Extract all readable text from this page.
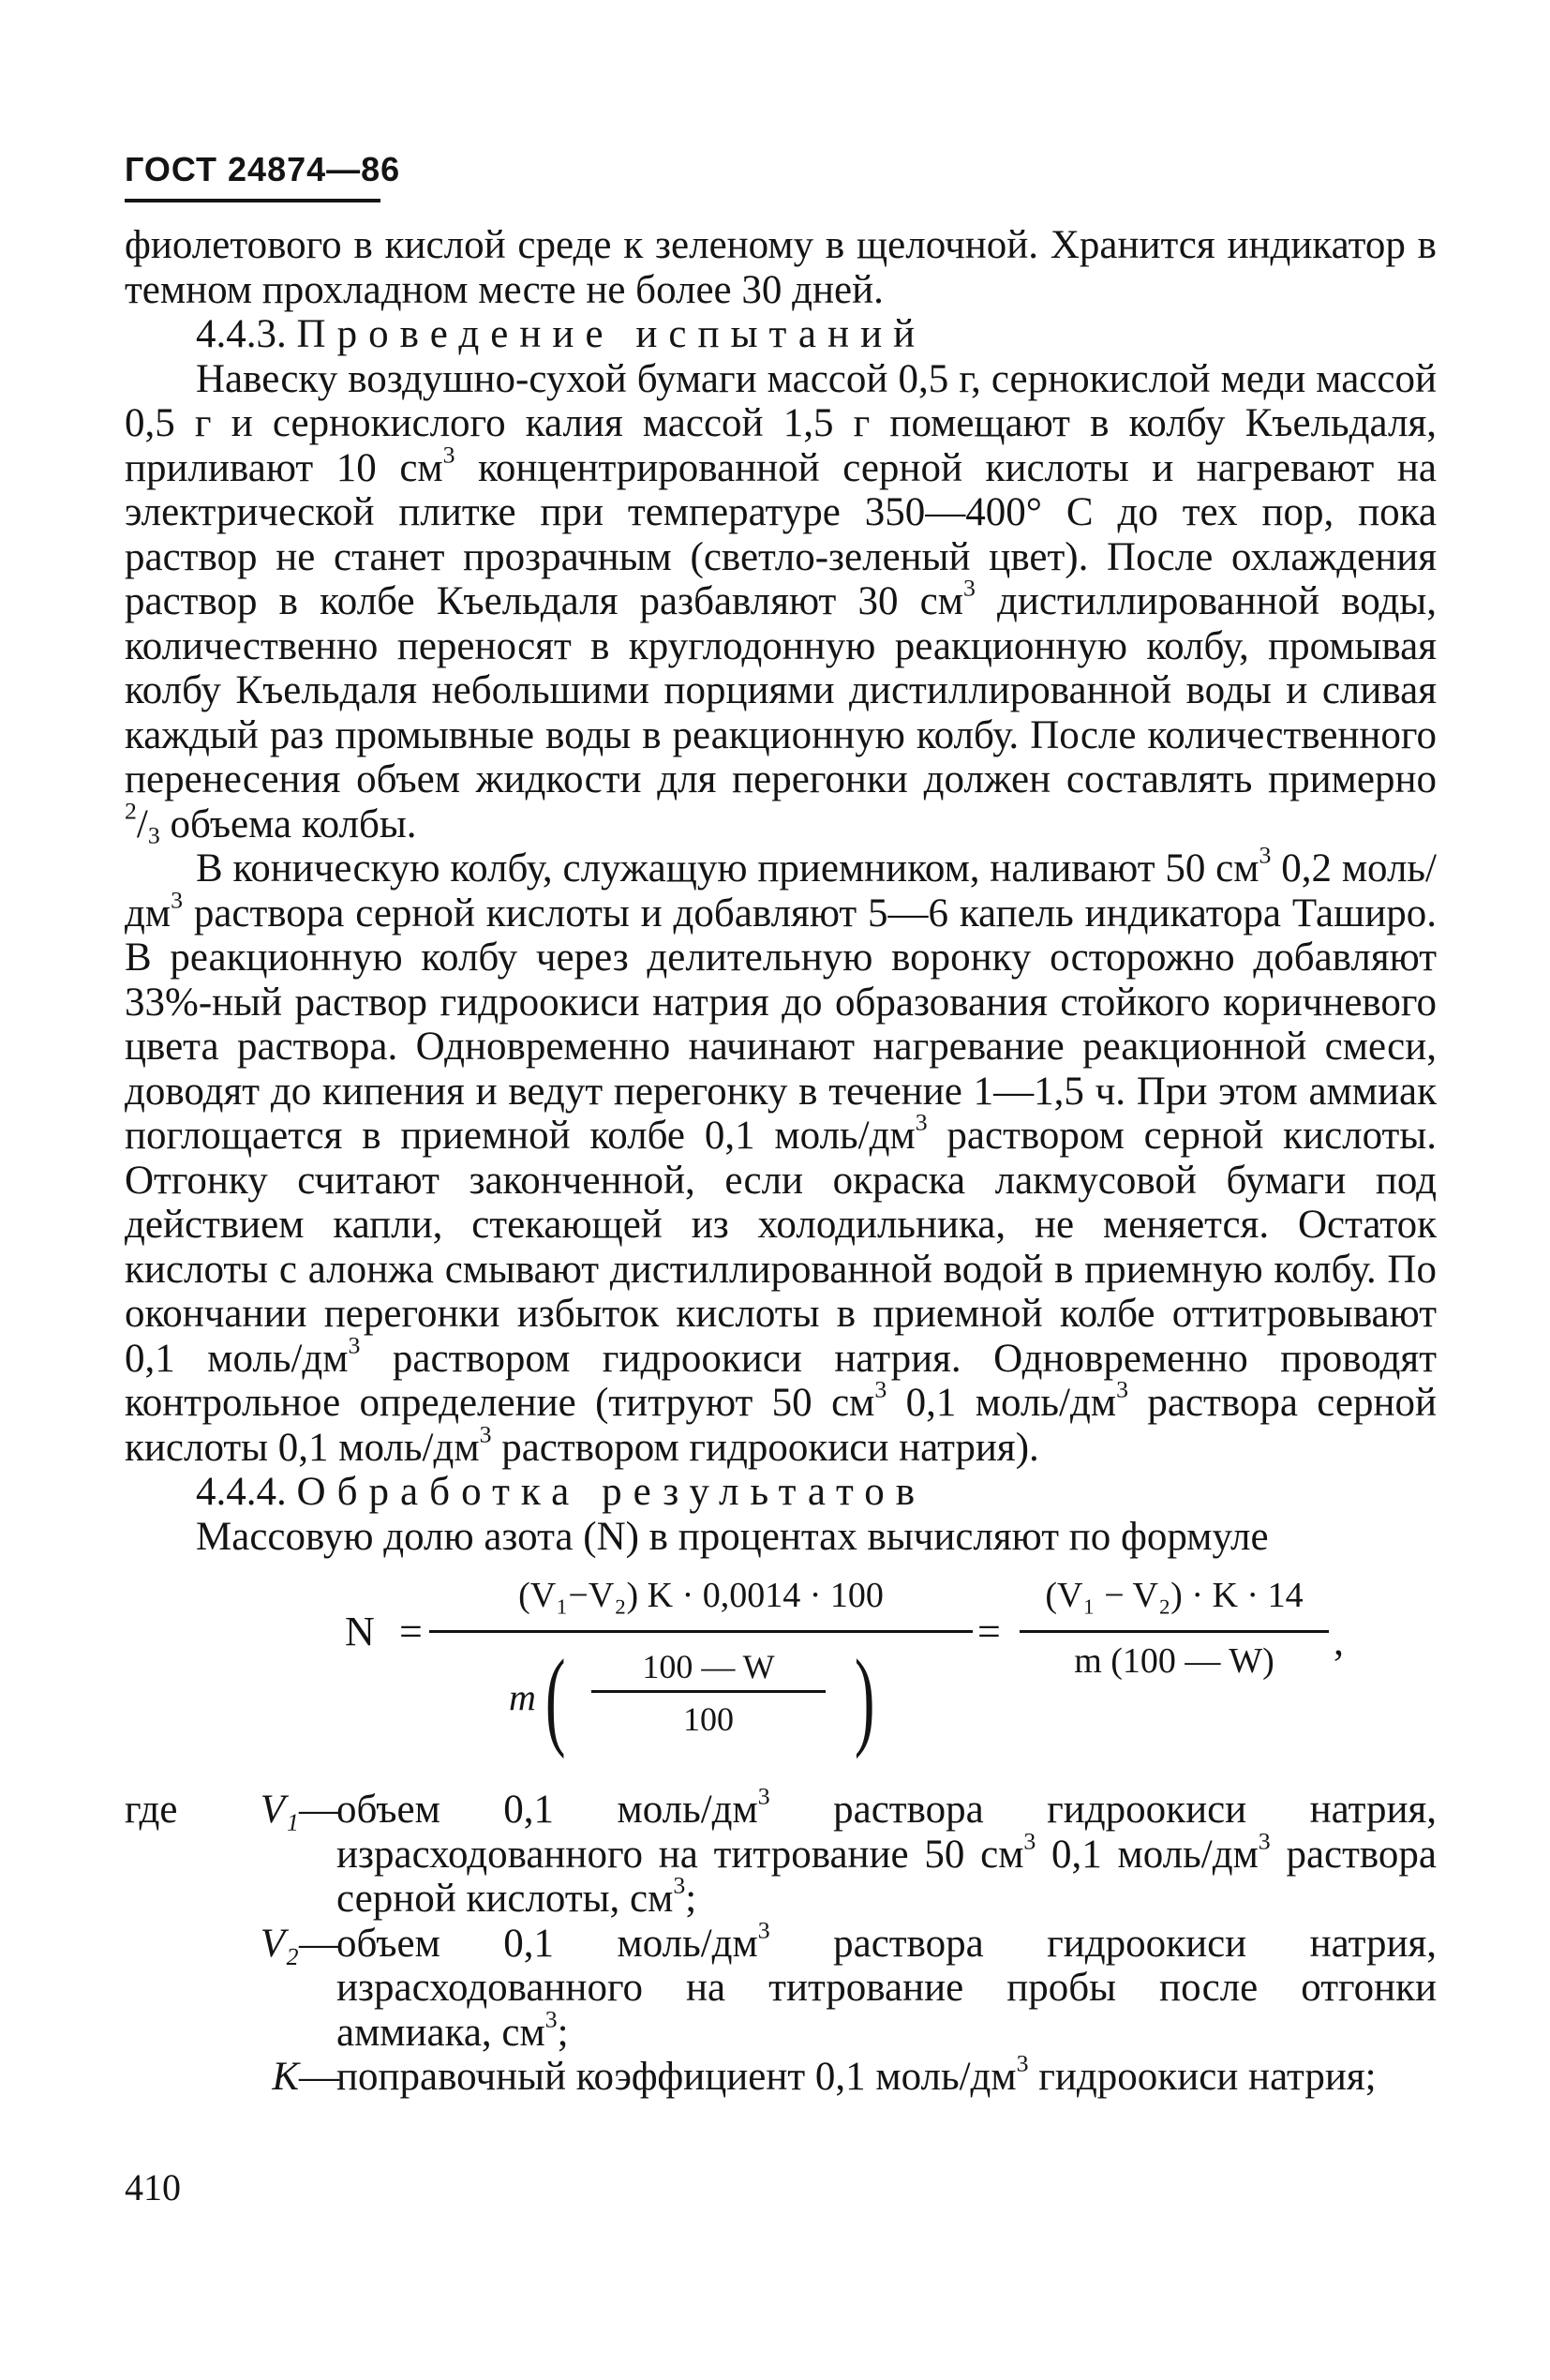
ГОСТ 24874—86

фиолетового в кислой среде к зеленому в щелочной. Хранится индикатор в темном прохладном месте не более 30 дней.

4.4.3. Проведение испытаний

Навеску воздушно-сухой бумаги массой 0,5 г, сернокислой меди массой 0,5 г и сернокислого калия массой 1,5 г помещают в колбу Къельдаля, приливают 10 $см^3$ концентрированной серной кислоты и нагревают на электрической плитке при температуре 350—400° С до тех пор, пока раствор не станет прозрачным (светло-зеленый цвет). После охлаждения раствор в колбе Къельдаля разбавляют 30 $см^3$ дистиллированной воды, количественно переносят в круглодонную реакционную колбу, промывая колбу Къельдаля небольшими порциями дистиллированной воды и сливая каждый раз промывные воды в реакционную колбу. После количественного перенесения объем жидкости для перегонки должен составлять примерно $^2/_3$ объема колбы.

В коническую колбу, служащую приемником, наливают 50 $см^3$ 0,2 моль/$дм^3$ раствора серной кислоты и добавляют 5—6 капель индикатора Таширо. В реакционную колбу через делительную воронку осторожно добавляют 33%-ный раствор гидроокиси натрия до образования стойкого коричневого цвета раствора. Одновременно начинают нагревание реакционной смеси, доводят до кипения и ведут перегонку в течение 1—1,5 ч. При этом аммиак поглощается в приемной колбе 0,1 моль/$дм^3$ раствором серной кислоты. Отгонку считают законченной, если окраска лакмусовой бумаги под действием капли, стекающей из холодильника, не меняется. Остаток кислоты с алонжа смывают дистиллированной водой в приемную колбу. По окончании перегонки избыток кислоты в приемной колбе оттитровывают 0,1 моль/$дм^3$ раствором гидроокиси натрия. Одновременно проводят контрольное определение (титруют 50 $см^3$ 0,1 моль/$дм^3$ раствора серной кислоты 0,1 моль/$дм^3$ раствором гидроокиси натрия).

4.4.4. Обработка результатов

Массовую долю азота (N) в процентах вычисляют по формуле

N =
(V₁−V₂) K · 0,0014 · 100
m (	100 — W
100	)
=
(V₁ − V₂) · K · 14
m (100 — W)	,
где	V₁ —
объем 0,1 моль/$дм^3$ раствора гидроокиси натрия, израсходованного на титрование 50 $см^3$ 0,1 моль/$дм^3$ раствора серной кислоты, $см^3$;
V₂ —
объем 0,1 моль/$дм^3$ раствора гидроокиси натрия, израсходованного на титрование пробы после отгонки аммиака, $см^3$;
K —
поправочный коэффициент 0,1 моль/$дм^3$ гидроокиси натрия;
410
